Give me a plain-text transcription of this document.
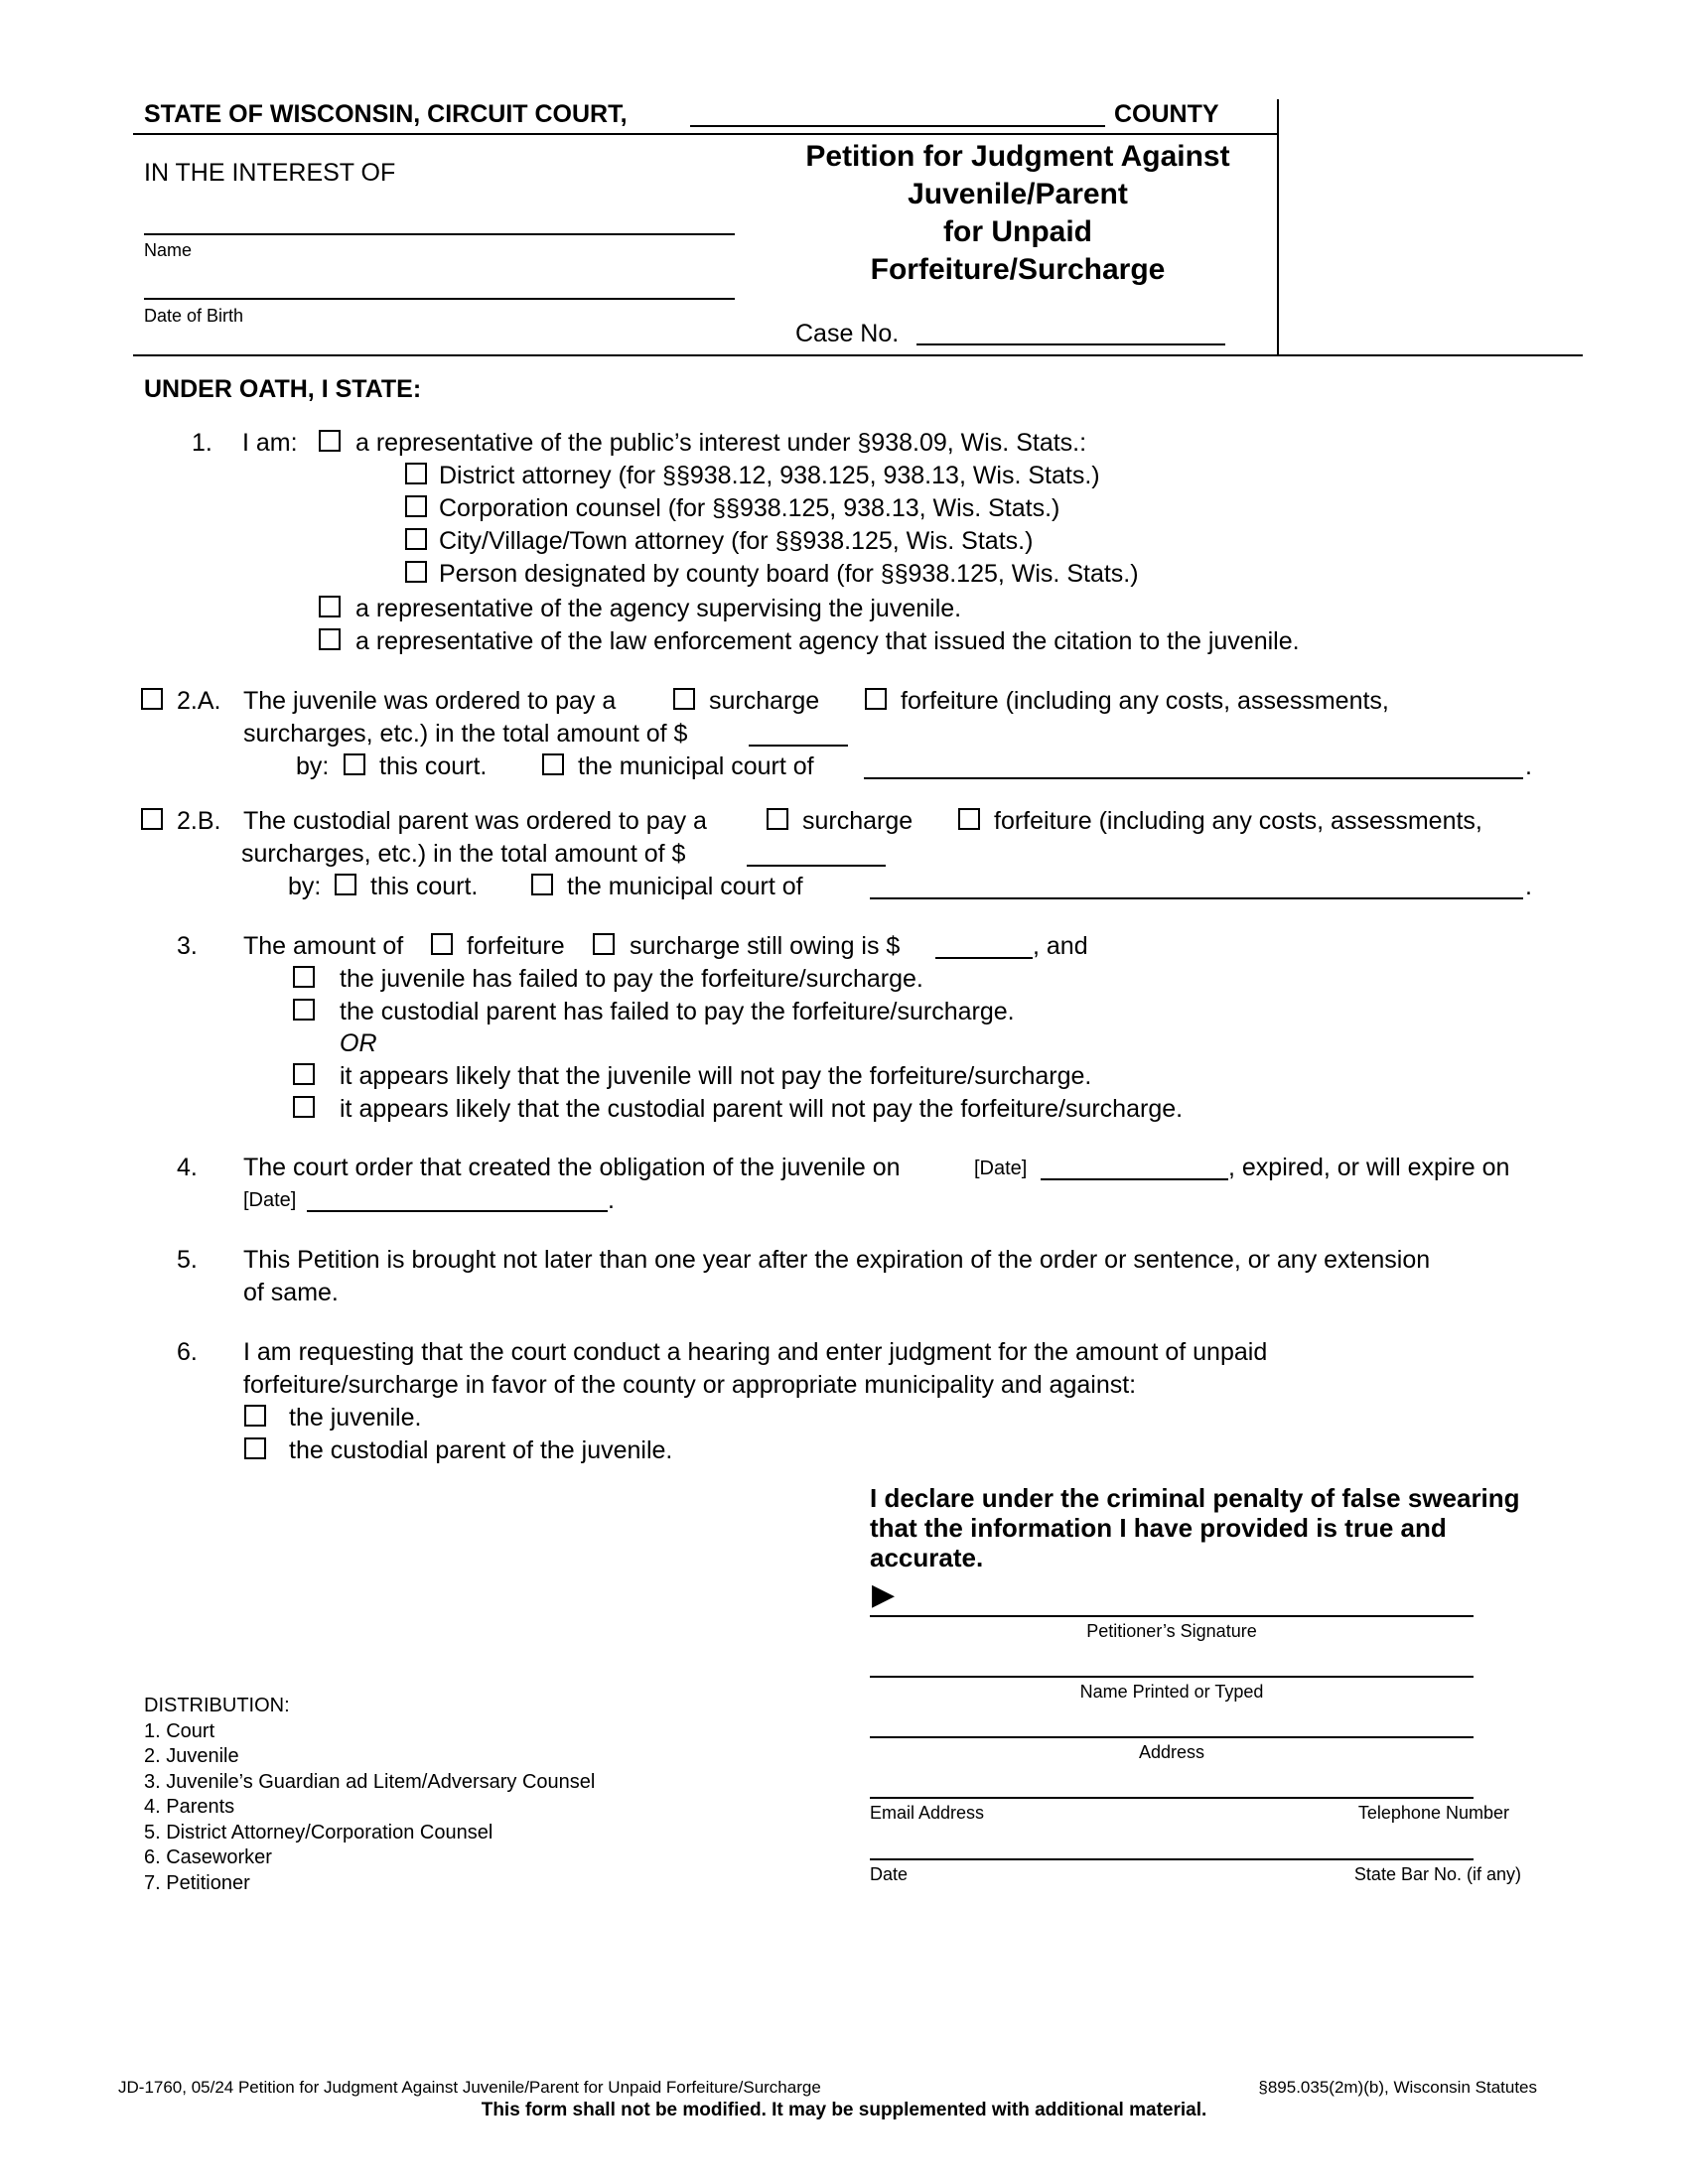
STATE OF WISCONSIN, CIRCUIT COURT,	COUNTY
IN THE INTEREST OF
Name
Date of Birth
Petition for Judgment Against
Juvenile/Parent
for Unpaid
Forfeiture/Surcharge
Case No.
UNDER OATH, I STATE:
1. I am: a representative of the public’s interest under §938.09, Wis. Stats.:
District attorney (for §§938.12, 938.125, 938.13, Wis. Stats.)
Corporation counsel (for §§938.125, 938.13, Wis. Stats.)
City/Village/Town attorney (for §§938.125, Wis. Stats.)
Person designated by county board (for §§938.125, Wis. Stats.)
a representative of the agency supervising the juvenile.
a representative of the law enforcement agency that issued the citation to the juvenile.
2.A. The juvenile was ordered to pay a	surcharge	forfeiture (including any costs, assessments,
surcharges, etc.) in the total amount of $
by: this court.	the municipal court of	.
2.B. The custodial parent was ordered to pay a	surcharge	forfeiture (including any costs, assessments,
surcharges, etc.) in the total amount of $
by: this court.	the municipal court of	.
3. The amount of	forfeiture	surcharge still owing is $	, and
the juvenile has failed to pay the forfeiture/surcharge.
the custodial parent has failed to pay the forfeiture/surcharge.
OR
it appears likely that the juvenile will not pay the forfeiture/surcharge.
it appears likely that the custodial parent will not pay the forfeiture/surcharge.
4. The court order that created the obligation of the juvenile on	[Date]	, expired, or will expire on
[Date]	.
5. This Petition is brought not later than one year after the expiration of the order or sentence, or any extension
of same.
6. I am requesting that the court conduct a hearing and enter judgment for the amount of unpaid
forfeiture/surcharge in favor of the county or appropriate municipality and against:
the juvenile.
the custodial parent of the juvenile.
I declare under the criminal penalty of false swearing
that the information I have provided is true and
accurate.
▶
Petitioner’s Signature
Name Printed or Typed
Address
Email Address	Telephone Number
Date	State Bar No. (if any)
DISTRIBUTION:
1. Court
2. Juvenile
3. Juvenile’s Guardian ad Litem/Adversary Counsel
4. Parents
5. District Attorney/Corporation Counsel
6. Caseworker
7. Petitioner
JD-1760, 05/24 Petition for Judgment Against Juvenile/Parent for Unpaid Forfeiture/Surcharge	§895.035(2m)(b), Wisconsin Statutes
This form shall not be modified. It may be supplemented with additional material.
